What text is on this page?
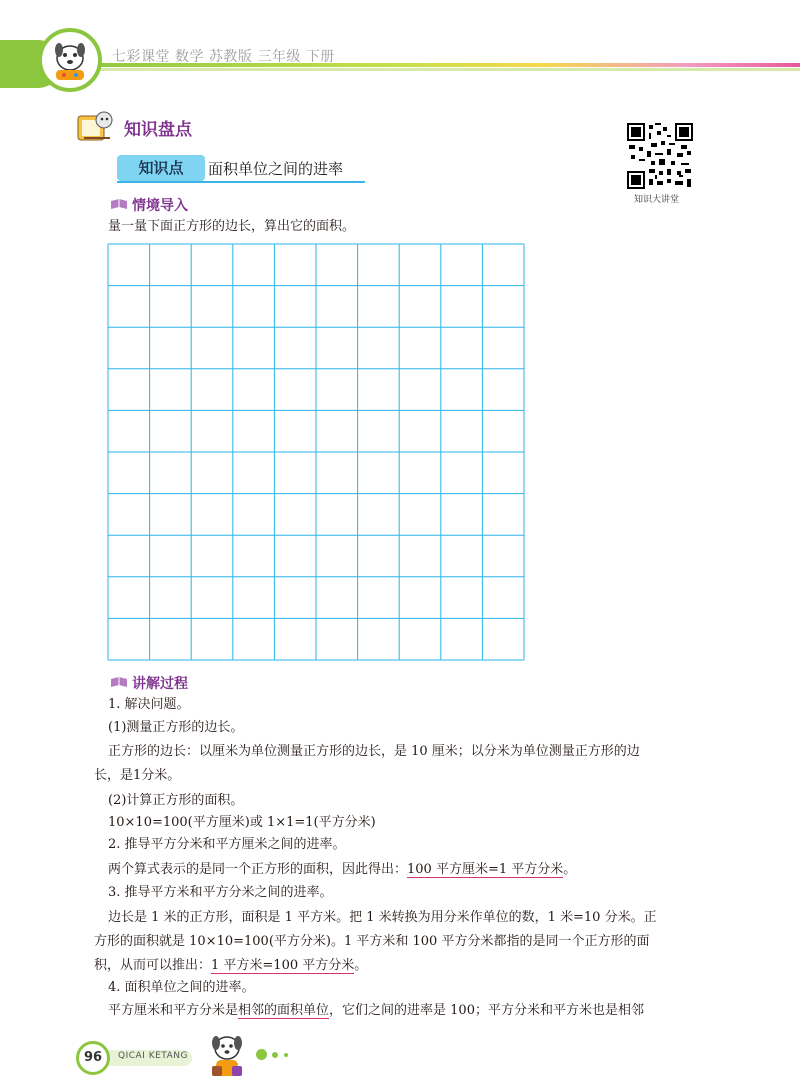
七彩课堂 数学 苏教版 三年级 下册
知识盘点
知识点	面积单位之间的进率
知识大讲堂
情境导入
量一量下面正方形的边长，算出它的面积。
讲解过程
1. 解决问题。
(1)测量正方形的边长。
正方形的边长：以厘米为单位测量正方形的边长，是 10 厘米；以分米为单位测量正方形的边
长，是1分米。
(2)计算正方形的面积。
10×10=100(平方厘米)或 1×1=1(平方分米)
2. 推导平方分米和平方厘米之间的进率。
两个算式表示的是同一个正方形的面积，因此得出：100 平方厘米=1 平方分米。
3. 推导平方米和平方分米之间的进率。
边长是 1 米的正方形，面积是 1 平方米。把 1 米转换为用分米作单位的数，1 米=10 分米。正
方形的面积就是 10×10=100(平方分米)。1 平方米和 100 平方分米都指的是同一个正方形的面
积，从而可以推出：1 平方米=100 平方分米。
4. 面积单位之间的进率。
平方厘米和平方分米是相邻的面积单位，它们之间的进率是 100；平方分米和平方米也是相邻
96	QICAI KETANG
